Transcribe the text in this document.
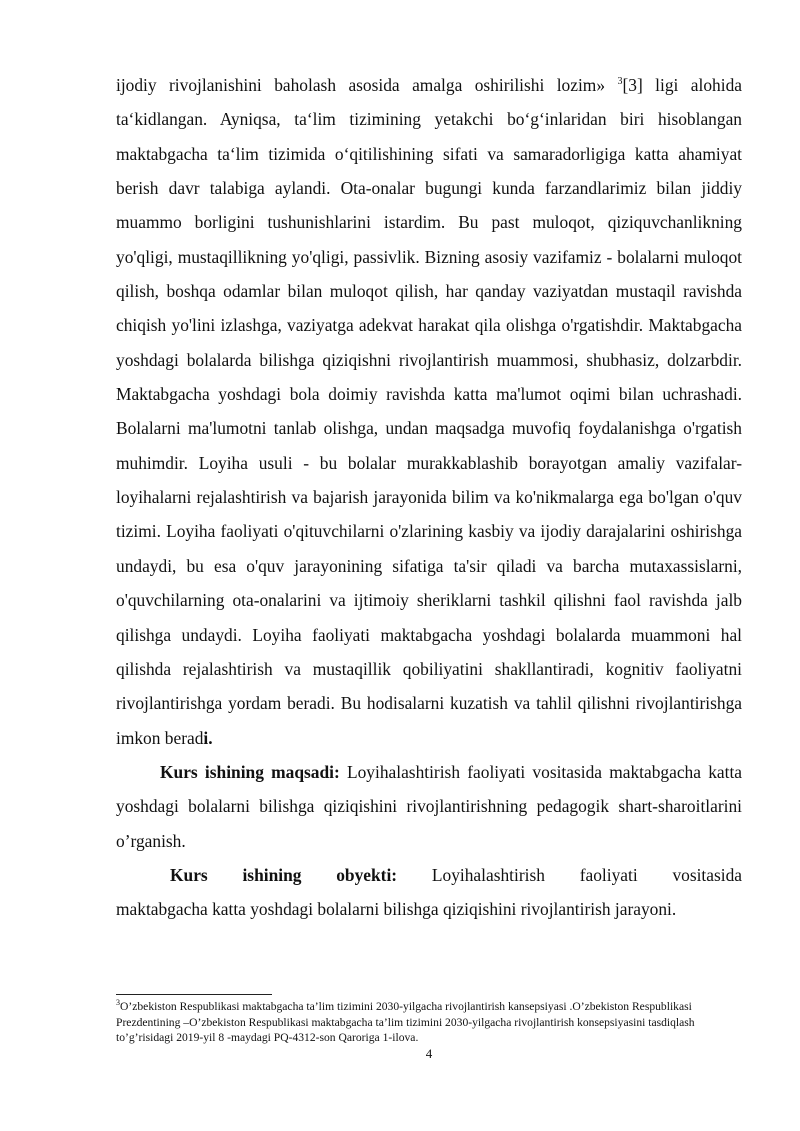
ijodiy rivojlanishini baholash asosida amalga oshirilishi lozim» $^3$[3] ligi alohida ta‘kidlangan. Ayniqsa, ta‘lim tizimining yetakchi bo‘g‘inlaridan biri hisoblangan maktabgacha ta‘lim tizimida o‘qitilishining sifati va samaradorligiga katta ahamiyat berish davr talabiga aylandi. Ota-onalar bugungi kunda farzandlarimiz bilan jiddiy muammo borligini tushunishlarini istardim. Bu past muloqot, qiziquvchanlikning yo'qligi, mustaqillikning yo'qligi, passivlik. Bizning asosiy vazifamiz - bolalarni muloqot qilish, boshqa odamlar bilan muloqot qilish, har qanday vaziyatdan mustaqil ravishda chiqish yo'lini izlashga, vaziyatga adekvat harakat qila olishga o'rgatishdir. Maktabgacha yoshdagi bolalarda bilishga qiziqishni rivojlantirish muammosi, shubhasiz, dolzarbdir. Maktabgacha yoshdagi bola doimiy ravishda katta ma'lumot oqimi bilan uchrashadi. Bolalarni ma'lumotni tanlab olishga, undan maqsadga muvofiq foydalanishga o'rgatish muhimdir. Loyiha usuli - bu bolalar murakkablashib borayotgan amaliy vazifalar-loyihalarni rejalashtirish va bajarish jarayonida bilim va ko'nikmalarga ega bo'lgan o'quv tizimi. Loyiha faoliyati o'qituvchilarni o'zlarining kasbiy va ijodiy darajalarini oshirishga undaydi, bu esa o'quv jarayonining sifatiga ta'sir qiladi va barcha mutaxassislarni, o'quvchilarning ota-onalarini va ijtimoiy sheriklarni tashkil qilishni faol ravishda jalb qilishga undaydi. Loyiha faoliyati maktabgacha yoshdagi bolalarda muammoni hal qilishda rejalashtirish va mustaqillik qobiliyatini shakllantiradi, kognitiv faoliyatni rivojlantirishga yordam beradi. Bu hodisalarni kuzatish va tahlil qilishni rivojlantirishga imkon beradi.

Kurs ishining maqsadi: Loyihalashtirish faoliyati vositasida maktabgacha katta yoshdagi bolalarni bilishga qiziqishini rivojlantirishning pedagogik shart-sharoitlarini o’rganish.

Kurs ishining obyekti: Loyihalashtirish faoliyati vositasida
maktabgacha katta yoshdagi bolalarni bilishga qiziqishini rivojlantirish jarayoni.
$^3$O’zbekiston Respublikasi maktabgacha ta’lim tizimini 2030-yilgacha rivojlantirish kansepsiyasi .O’zbekiston Respublikasi Prezdentining –O’zbekiston Respublikasi maktabgacha ta’lim tizimini 2030-yilgacha rivojlantirish konsepsiyasini tasdiqlash to’g’risidagi 2019-yil 8 -maydagi PQ-4312-son Qaroriga 1-ilova.
4
